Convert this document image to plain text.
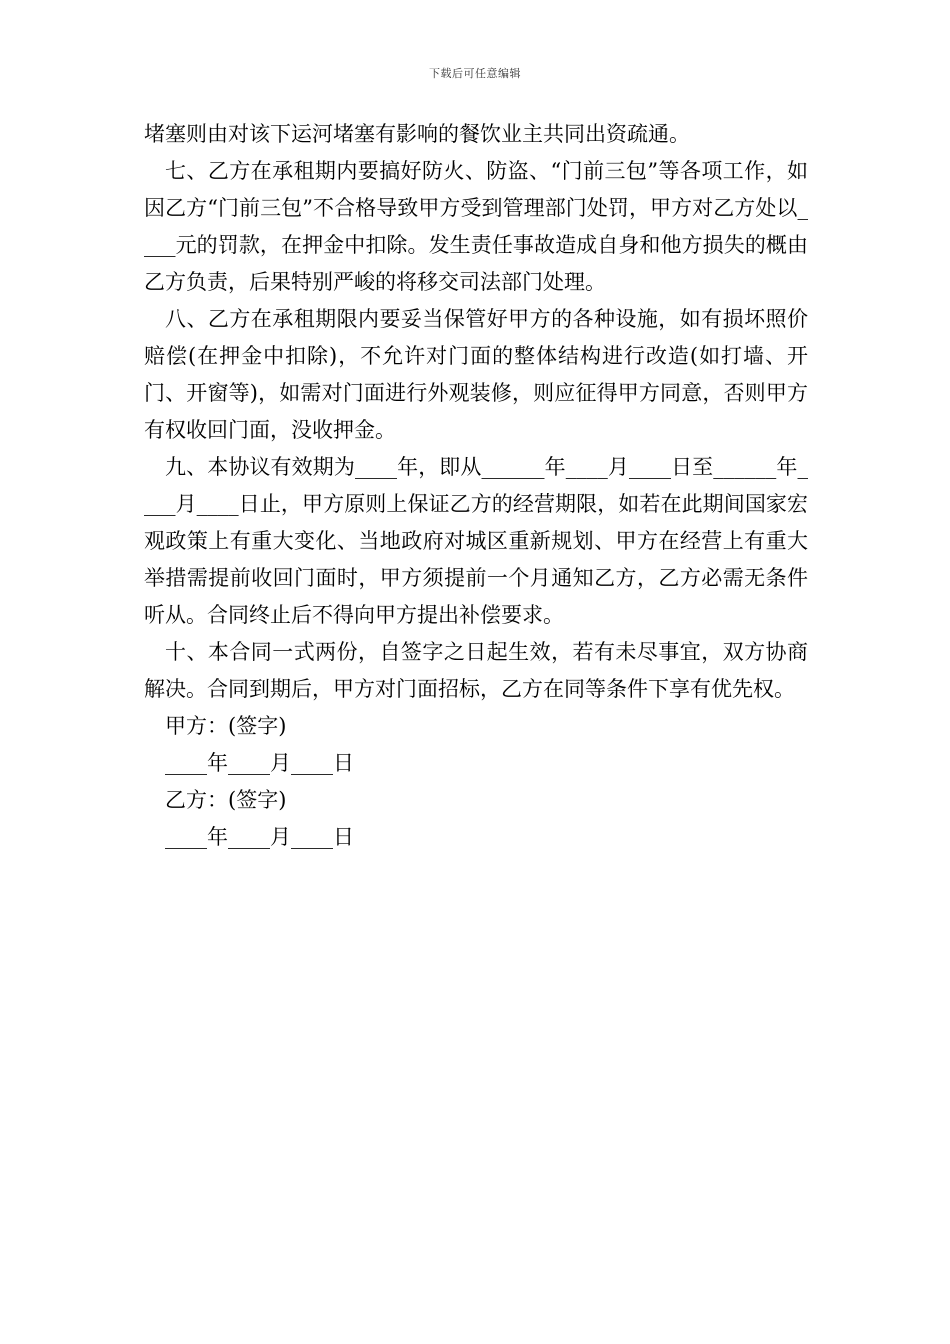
下载后可任意编辑

堵塞则由对该下运河堵塞有影响的餐饮业主共同出资疏通。

七、乙方在承租期内要搞好防火、防盗、“门前三包”等各项工作，如因乙方“门前三包”不合格导致甲方受到管理部门处罚，甲方对乙方处以____元的罚款，在押金中扣除。发生责任事故造成自身和他方损失的概由乙方负责，后果特别严峻的将移交司法部门处理。

八、乙方在承租期限内要妥当保管好甲方的各种设施，如有损坏照价赔偿(在押金中扣除)，不允许对门面的整体结构进行改造(如打墙、开门、开窗等)，如需对门面进行外观装修，则应征得甲方同意，否则甲方有权收回门面，没收押金。

九、本协议有效期为____年，即从______年____月____日至______年____月____日止，甲方原则上保证乙方的经营期限，如若在此期间国家宏观政策上有重大变化、当地政府对城区重新规划、甲方在经营上有重大举措需提前收回门面时，甲方须提前一个月通知乙方，乙方必需无条件听从。合同终止后不得向甲方提出补偿要求。

十、本合同一式两份，自签字之日起生效，若有未尽事宜，双方协商解决。合同到期后，甲方对门面招标，乙方在同等条件下享有优先权。

甲方：(签字)

____年____月____日

乙方：(签字)

____年____月____日
